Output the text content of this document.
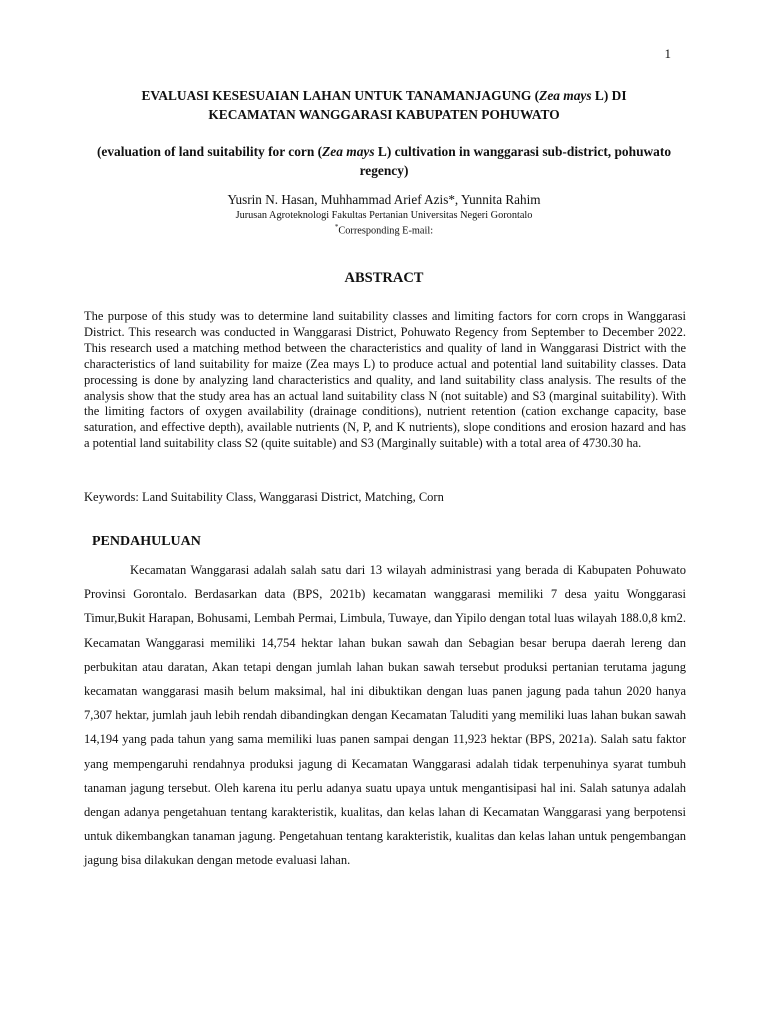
1
EVALUASI KESESUAIAN LAHAN UNTUK TANAMANJAGUNG (Zea mays L) DI
KECAMATAN WANGGARASI KABUPATEN POHUWATO
(evaluation of land suitability for corn (Zea mays L) cultivation in wanggarasi sub-district, pohuwato regency)
Yusrin N. Hasan, Muhhammad Arief Azis*, Yunnita Rahim
Jurusan Agroteknologi Fakultas Pertanian Universitas Negeri Gorontalo
*Corresponding E-mail:
ABSTRACT
The purpose of this study was to determine land suitability classes and limiting factors for corn crops in Wanggarasi District. This research was conducted in Wanggarasi District, Pohuwato Regency from September to December 2022. This research used a matching method between the characteristics and quality of land in Wanggarasi District with the characteristics of land suitability for maize (Zea mays L) to produce actual and potential land suitability classes. Data processing is done by analyzing land characteristics and quality, and land suitability class analysis. The results of the analysis show that the study area has an actual land suitability class N (not suitable) and S3 (marginal suitability). With the limiting factors of oxygen availability (drainage conditions), nutrient retention (cation exchange capacity, base saturation, and effective depth), available nutrients (N, P, and K nutrients), slope conditions and erosion hazard and has a potential land suitability class S2 (quite suitable) and S3 (Marginally suitable) with a total area of 4730.30 ha.
Keywords: Land Suitability Class, Wanggarasi District, Matching, Corn
PENDAHULUAN

Kecamatan Wanggarasi adalah salah satu dari 13 wilayah administrasi yang berada di Kabupaten Pohuwato Provinsi Gorontalo. Berdasarkan data (BPS, 2021b) kecamatan wanggarasi memiliki 7 desa yaitu Wonggarasi Timur,Bukit Harapan, Bohusami, Lembah Permai, Limbula, Tuwaye, dan Yipilo dengan total luas wilayah 188.0,8 km2. Kecamatan Wanggarasi memiliki 14,754 hektar lahan bukan sawah dan Sebagian besar berupa daerah lereng dan perbukitan atau daratan, Akan tetapi dengan jumlah lahan bukan sawah tersebut produksi pertanian terutama jagung kecamatan wanggarasi masih belum maksimal, hal ini dibuktikan dengan luas panen jagung pada tahun 2020 hanya 7,307 hektar, jumlah jauh lebih rendah dibandingkan dengan Kecamatan Taluditi yang memiliki luas lahan bukan sawah 14,194 yang pada tahun yang sama memiliki luas panen sampai dengan 11,923 hektar (BPS, 2021a). Salah satu faktor yang mempengaruhi rendahnya produksi jagung di Kecamatan Wanggarasi adalah tidak terpenuhinya syarat tumbuh tanaman jagung tersebut. Oleh karena itu perlu adanya suatu upaya untuk mengantisipasi hal ini. Salah satunya adalah dengan adanya pengetahuan tentang karakteristik, kualitas, dan kelas lahan di Kecamatan Wanggarasi yang berpotensi untuk dikembangkan tanaman jagung. Pengetahuan tentang karakteristik, kualitas dan kelas lahan untuk pengembangan jagung bisa dilakukan dengan metode evaluasi lahan.
